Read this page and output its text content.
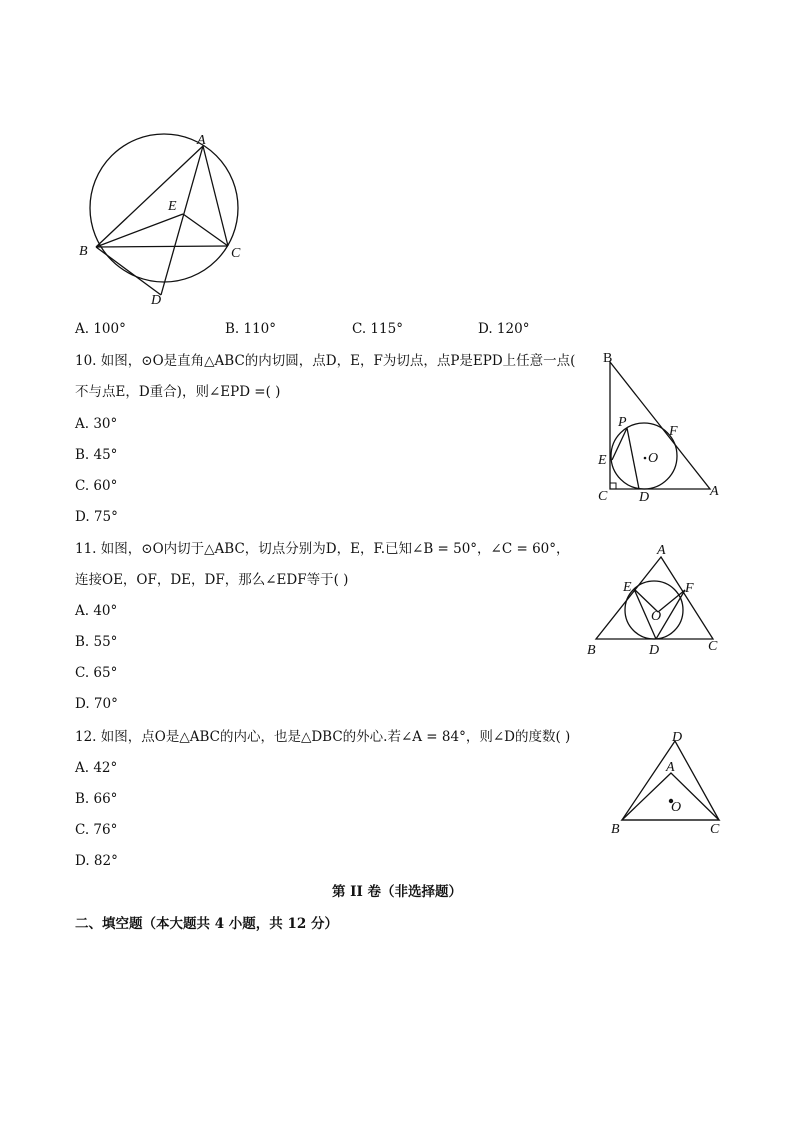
A
B	C
D
E
A. 100°	B. 110°	C. 115°	D. 120°
10. 如图，⊙O是直角△ABC的内切圆，点D，E，F为切点，点P是EPD上任意一点(
不与点E，D重合)，则∠EPD =( )
A. 30°
B. 45°
C. 60°
D. 75°
B
P
F
O
E
C D	A
11. 如图，⊙O内切于△ABC，切点分别为D，E，F.已知∠B = 50°，∠C = 60°，
连接OE，OF，DE，DF，那么∠EDF等于( )
A. 40°
B. 55°
C. 65°
D. 70°
A
E	F
O
B	D	C
12. 如图，点O是△ABC的内心，也是△DBC的外心.若∠A = 84°，则∠D的度数( )
A. 42°
B. 66°
C. 76°
D. 82°
D
A
O
B	C
第 II 卷（非选择题）
二、填空题（本大题共 4 小题，共 12 分）
